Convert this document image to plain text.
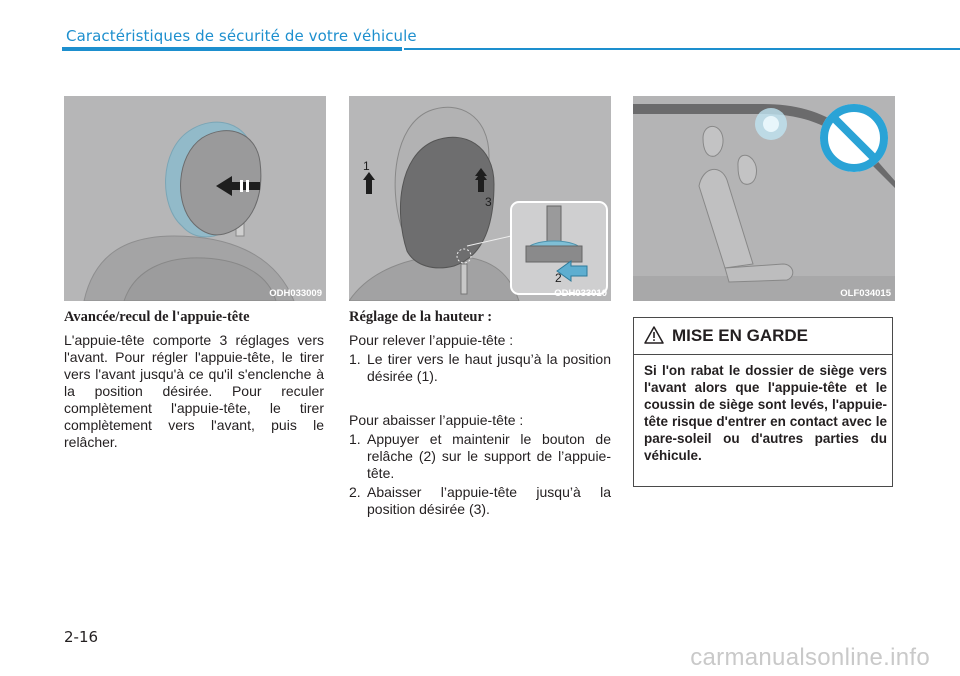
Caractéristiques de sécurité de votre véhicule
ODH033009
1
3
2
ODH033010	OLF034015
Avancée/recul de l'appuie-tête

L'appuie-tête comporte 3 réglages vers l'avant. Pour régler l'appuie-tête, le tirer vers l'avant jusqu'à ce qu'il s'enclenche à la position désirée. Pour reculer complètement l'appuie-tête, le tirer complètement vers l'avant, puis le relâcher.

Réglage de la hauteur :

Pour relever l’appuie-tête :

1. Le tirer vers le haut jusqu’à la position désirée (1).

Pour abaisser l’appuie-tête :

1. Appuyer et maintenir le bouton de relâche (2) sur le support de l’appuie-tête.
2. Abaisser l’appuie-tête jusqu’à la position désirée (3).
MISE EN GARDE

Si l'on rabat le dossier de siège vers l'avant alors que l'appuie-tête et le coussin de siège sont levés, l'appuie-tête risque d'entrer en contact avec le pare-soleil ou d'autres parties du véhicule.

2-16
carmanualsonline.info
